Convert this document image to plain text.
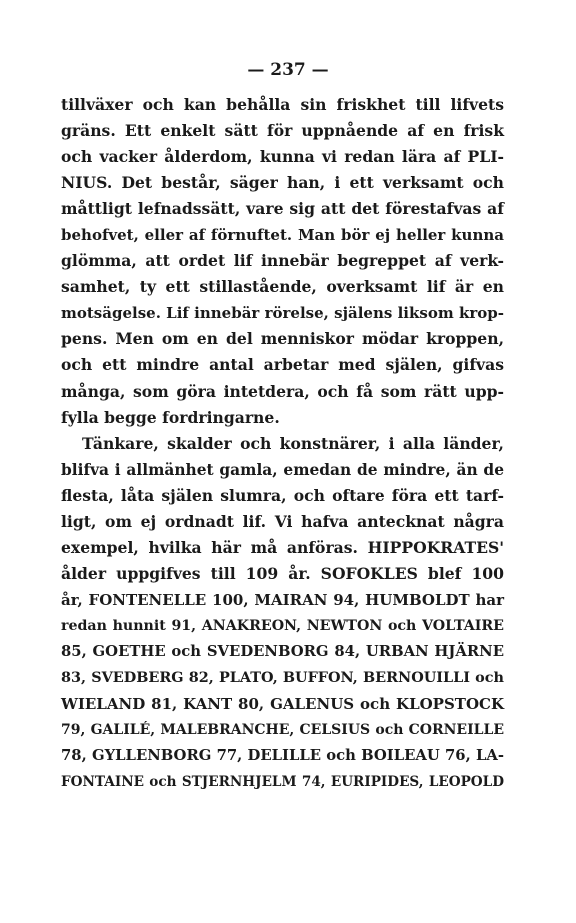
— 237 —
tillväxer och kan behålla sin friskhet till lifvets
gräns. Ett enkelt sätt för uppnående af en frisk
och vacker ålderdom, kunna vi redan lära af PLI-
NIUS. Det består, säger han, i ett verksamt och
måttligt lefnadssätt, vare sig att det förestafvas af
behofvet, eller af förnuftet. Man bör ej heller kunna
glömma, att ordet lif innebär begreppet af verk-
samhet, ty ett stillastående, overksamt lif är en
motsägelse. Lif innebär rörelse, själens liksom krop-
pens. Men om en del menniskor mödar kroppen,
och ett mindre antal arbetar med själen, gifvas
många, som göra intetdera, och få som rätt upp-
fylla begge fordringarne.
Tänkare, skalder och konstnärer, i alla länder,
blifva i allmänhet gamla, emedan de mindre, än de
flesta, låta själen slumra, och oftare föra ett tarf-
ligt, om ej ordnadt lif. Vi hafva antecknat några
exempel, hvilka här må anföras. HIPPOKRATES'
ålder uppgifves till 109 år. SOFOKLES blef 100
år, FONTENELLE 100, MAIRAN 94, HUMBOLDT har
redan hunnit 91, ANAKREON, NEWTON och VOLTAIRE
85, GOETHE och SVEDENBORG 84, URBAN HJÄRNE
83, SVEDBERG 82, PLATO, BUFFON, BERNOUILLI och
WIELAND 81, KANT 80, GALENUS och KLOPSTOCK
79, GALILÉ, MALEBRANCHE, CELSIUS och CORNEILLE
78, GYLLENBORG 77, DELILLE och BOILEAU 76, LA-
FONTAINE och STJERNHJELM 74, EURIPIDES, LEOPOLD
